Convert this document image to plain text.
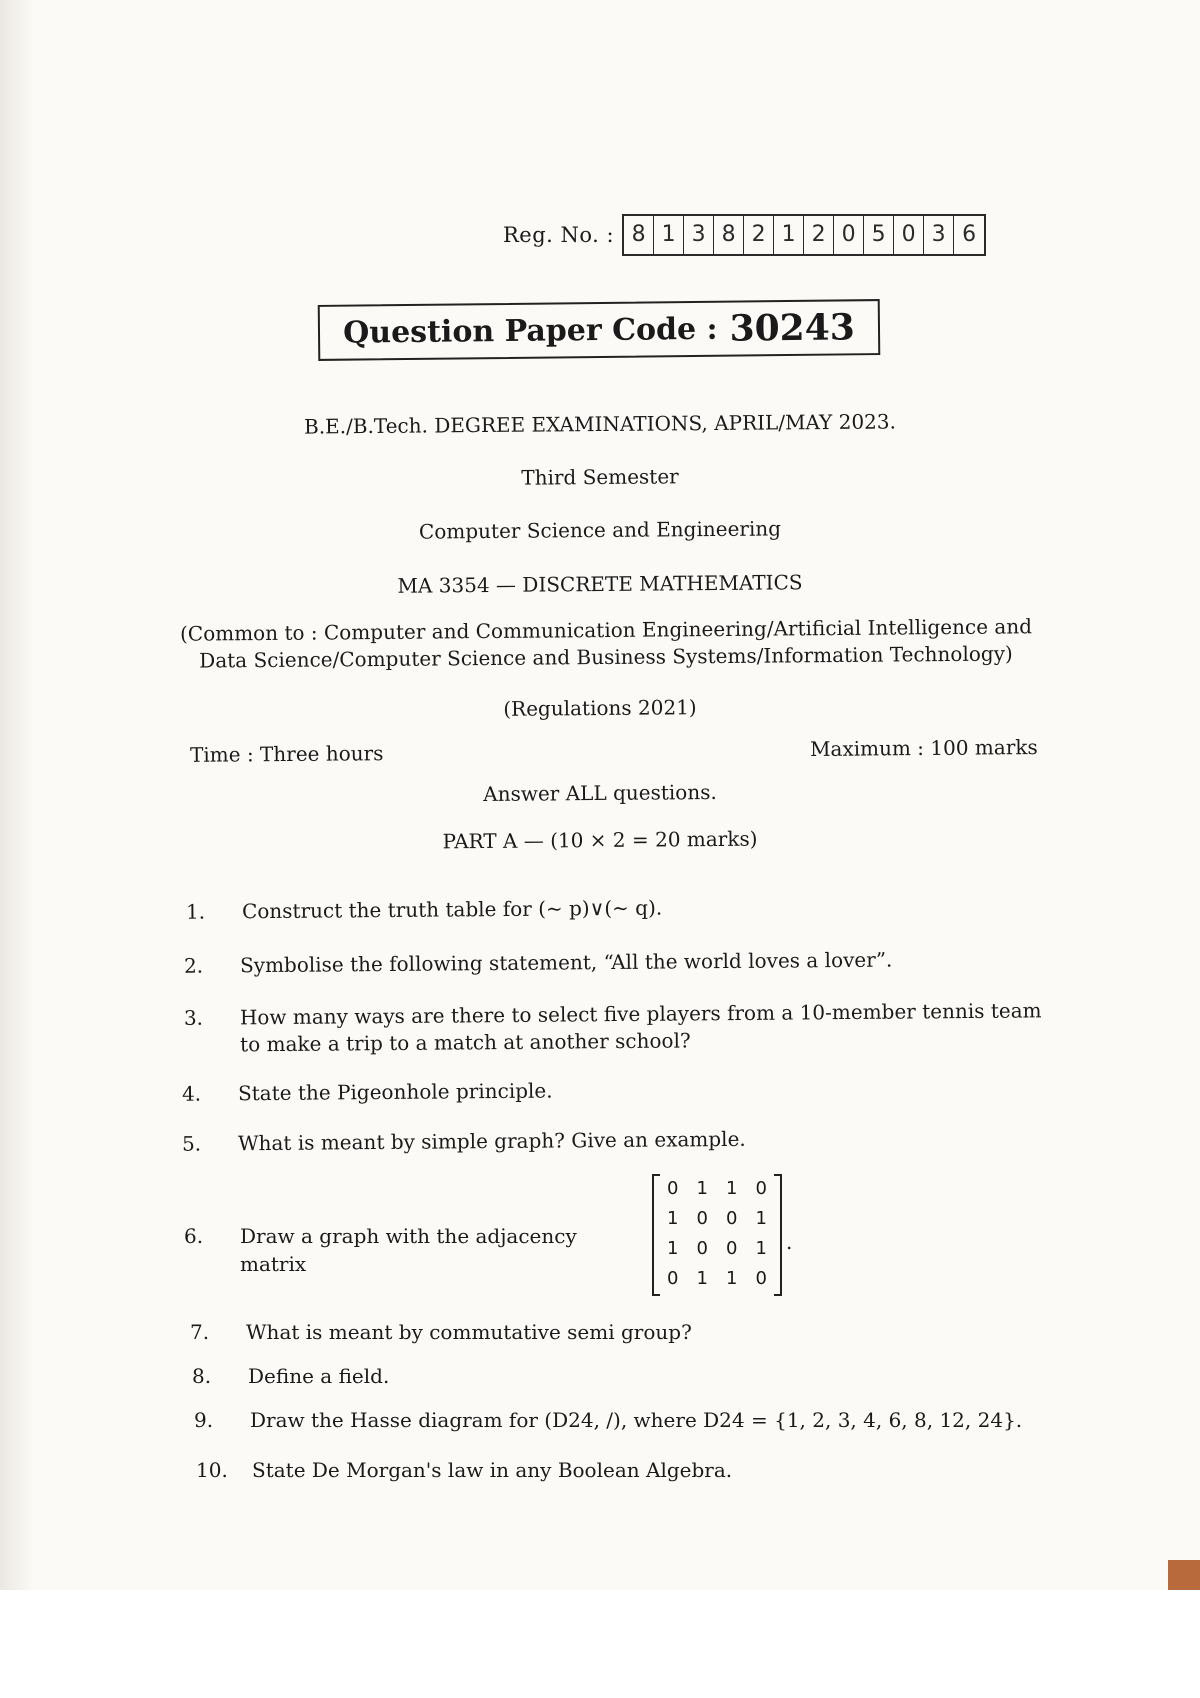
Reg. No. : 8 1 3 8 2 1 2 0 5 0 3 6
Question Paper Code : 30243
B.E./B.Tech. DEGREE EXAMINATIONS, APRIL/MAY 2023.
Third Semester
Computer Science and Engineering
MA 3354 — DISCRETE MATHEMATICS
(Common to : Computer and Communication Engineering/Artificial Intelligence and
Data Science/Computer Science and Business Systems/Information Technology)
(Regulations 2021)
Time : Three hours	Maximum : 100 marks
Answer ALL questions.
PART A — (10 × 2 = 20 marks)
1.	Construct the truth table for (~ p)∨(~ q).
2.	Symbolise the following statement, “All the world loves a lover”.
3.	How many ways are there to select five players from a 10-member tennis team
to make a trip to a match at another school?
4.	State the Pigeonhole principle.
5.	What is meant by simple graph? Give an example.
6.	Draw a graph with the adjacency matrix
0	1	1	0
1	0	0	1
1	0	0	1
0	1	1	0
.
7.	What is meant by commutative semi group?
8.	Define a field.
9.	Draw the Hasse diagram for (D24, /), where D24 = {1, 2, 3, 4, 6, 8, 12, 24}.
10.	State De Morgan's law in any Boolean Algebra.
